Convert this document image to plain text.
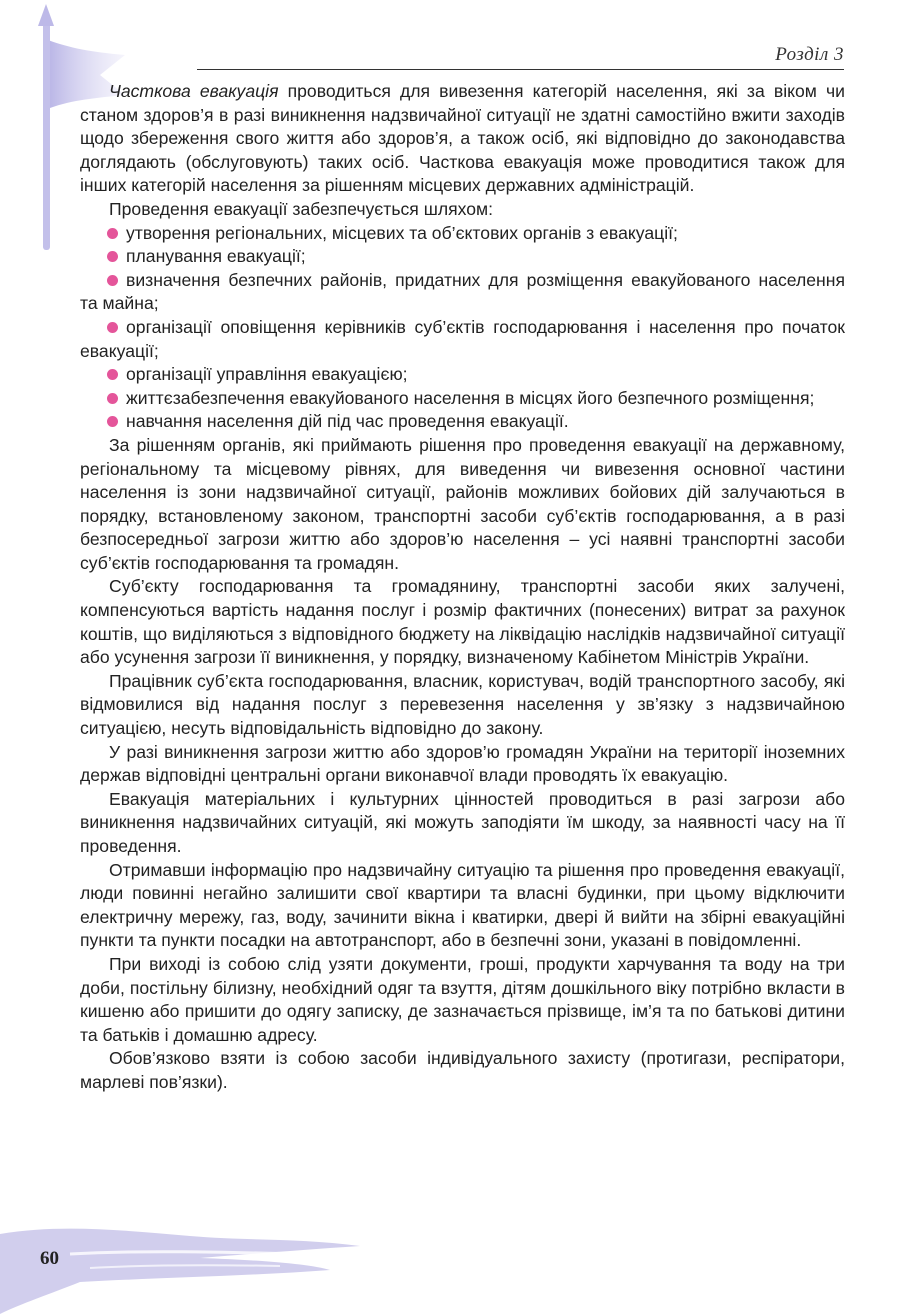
Розділ 3

Часткова евакуація проводиться для вивезення категорій населення, які за віком чи станом здоров’я в разі виникнення надзвичайної ситуації не здатні самостійно вжити заходів щодо збереження свого життя або здоров’я, а також осіб, які відповідно до законодавства доглядають (обслуговують) таких осіб. Часткова евакуація може проводитися також для інших категорій населення за рішенням місцевих державних адміністрацій.

Проведення евакуації забезпечується шляхом:

утворення регіональних, місцевих та об’єктових органів з евакуації;

планування евакуації;

визначення безпечних районів, придатних для розміщення евакуйованого населення та майна;

організації оповіщення керівників суб’єктів господарювання і населення про початок евакуації;

організації управління евакуацією;

життєзабезпечення евакуйованого населення в місцях його безпечного розміщення;

навчання населення дій під час проведення евакуації.

За рішенням органів, які приймають рішення про проведення евакуації на державному, регіональному та місцевому рівнях, для виведення чи вивезення основної частини населення із зони надзвичайної ситуації, районів можливих бойових дій залучаються в порядку, встановленому законом, транспортні засоби суб’єктів господарювання, а в разі безпосередньої загрози життю або здоров’ю населення – усі наявні транспортні засоби суб’єктів господарювання та громадян.

Суб’єкту господарювання та громадянину, транспортні засоби яких залучені, компенсуються вартість надання послуг і розмір фактичних (понесених) витрат за рахунок коштів, що виділяються з відповідного бюджету на ліквідацію наслідків надзвичайної ситуації або усунення загрози її виникнення, у порядку, визначеному Кабінетом Міністрів України.

Працівник суб’єкта господарювання, власник, користувач, водій транспортного засобу, які відмовилися від надання послуг з перевезення населення у зв’язку з надзвичайною ситуацією, несуть відповідальність відповідно до закону.

У разі виникнення загрози життю або здоров’ю громадян України на території іноземних держав відповідні центральні органи виконавчої влади проводять їх евакуацію.

Евакуація матеріальних і культурних цінностей проводиться в разі загрози або виникнення надзвичайних ситуацій, які можуть заподіяти їм шкоду, за наявності часу на її проведення.

Отримавши інформацію про надзвичайну ситуацію та рішення про проведення евакуації, люди повинні негайно залишити свої квартири та власні будинки, при цьому відключити електричну мережу, газ, воду, зачинити вікна і кватирки, двері й вийти на збірні евакуаційні пункти та пункти посадки на автотранспорт, або в безпечні зони, указані в повідомленні.

При виході із собою слід узяти документи, гроші, продукти харчування та воду на три доби, постільну білизну, необхідний одяг та взуття, дітям дошкільного віку потрібно вкласти в кишеню або пришити до одягу записку, де зазначається прізвище, ім’я та по батькові дитини та батьків і домашню адресу.

Обов’язково взяти із собою засоби індивідуального захисту (протигази, респіратори, марлеві пов’язки).

60
